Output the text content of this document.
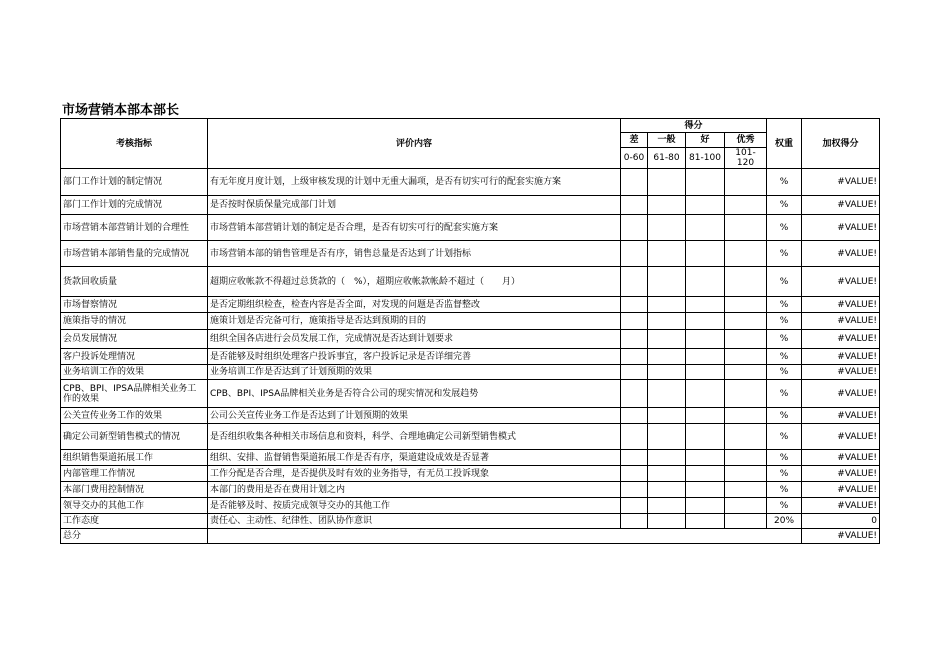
市场营销本部本部长
考核指标	评价内容	得分				权重	加权得分
		差	一般	好	优秀		
		0-60	61-80	81-100	101-120		
部门工作计划的制定情况	有无年度月度计划，上级审核发现的计划中无重大漏项，是否有切实可行的配套实施方案					%	#VALUE!
部门工作计划的完成情况	是否按时保质保量完成部门计划					%	#VALUE!
市场营销本部营销计划的合理性	市场营销本部营销计划的制定是否合理，是否有切实可行的配套实施方案					%	#VALUE!
市场营销本部销售量的完成情况	市场营销本部的销售管理是否有序，销售总量是否达到了计划指标					%	#VALUE!
货款回收质量	超期应收帐款不得超过总货款的（　%），超期应收帐款帐龄不超过（　　月）					%	#VALUE!
市场督察情况	是否定期组织检查，检查内容是否全面，对发现的问题是否监督整改					%	#VALUE!
施策指导的情况	施策计划是否完备可行，施策指导是否达到预期的目的					%	#VALUE!
会员发展情况	组织全国各店进行会员发展工作，完成情况是否达到计划要求					%	#VALUE!
客户投诉处理情况	是否能够及时组织处理客户投诉事宜，客户投诉记录是否详细完善					%	#VALUE!
业务培训工作的效果	业务培训工作是否达到了计划预期的效果					%	#VALUE!
CPB、BPI、IPSA品牌相关业务工作的效果	CPB、BPI、IPSA品牌相关业务是否符合公司的现实情况和发展趋势					%	#VALUE!
公关宣传业务工作的效果	公司公关宣传业务工作是否达到了计划预期的效果					%	#VALUE!
确定公司新型销售模式的情况	是否组织收集各种相关市场信息和资料，科学、合理地确定公司新型销售模式					%	#VALUE!
组织销售渠道拓展工作	组织、安排、监督销售渠道拓展工作是否有序，渠道建设成效是否显著					%	#VALUE!
内部管理工作情况	工作分配是否合理，是否提供及时有效的业务指导，有无员工投诉现象					%	#VALUE!
本部门费用控制情况	本部门的费用是否在费用计划之内					%	#VALUE!
领导交办的其他工作	是否能够及时、按质完成领导交办的其他工作					%	#VALUE!
工作态度	责任心、主动性、纪律性、团队协作意识					20%	0
总分							#VALUE!
